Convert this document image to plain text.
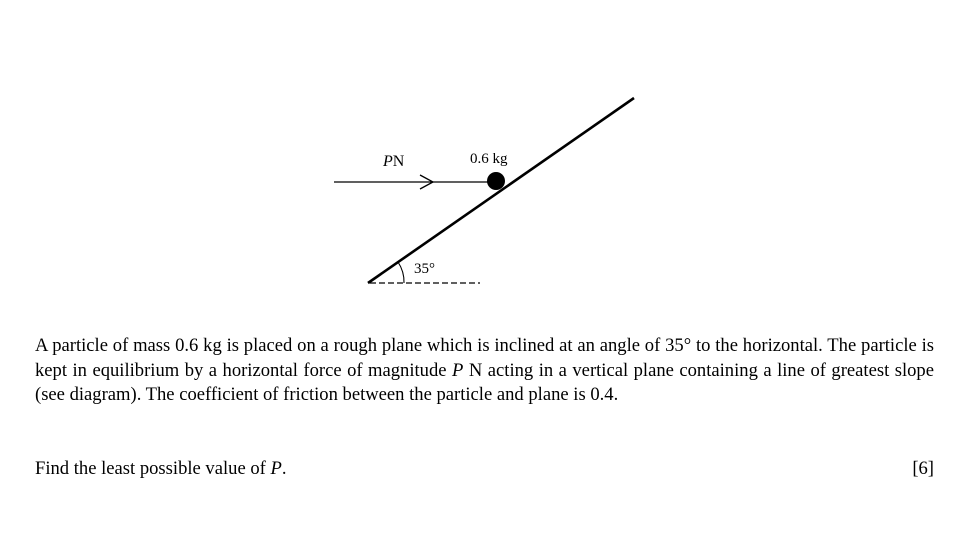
35°
PN	0.6 kg

A particle of mass 0.6 kg is placed on a rough plane which is inclined at an angle of 35° to the horizontal. The particle is kept in equilibrium by a horizontal force of magnitude P N acting in a vertical plane containing a line of greatest slope (see diagram). The coefficient of friction between the particle and plane is 0.4.

Find the least possible value of P.	[6]
